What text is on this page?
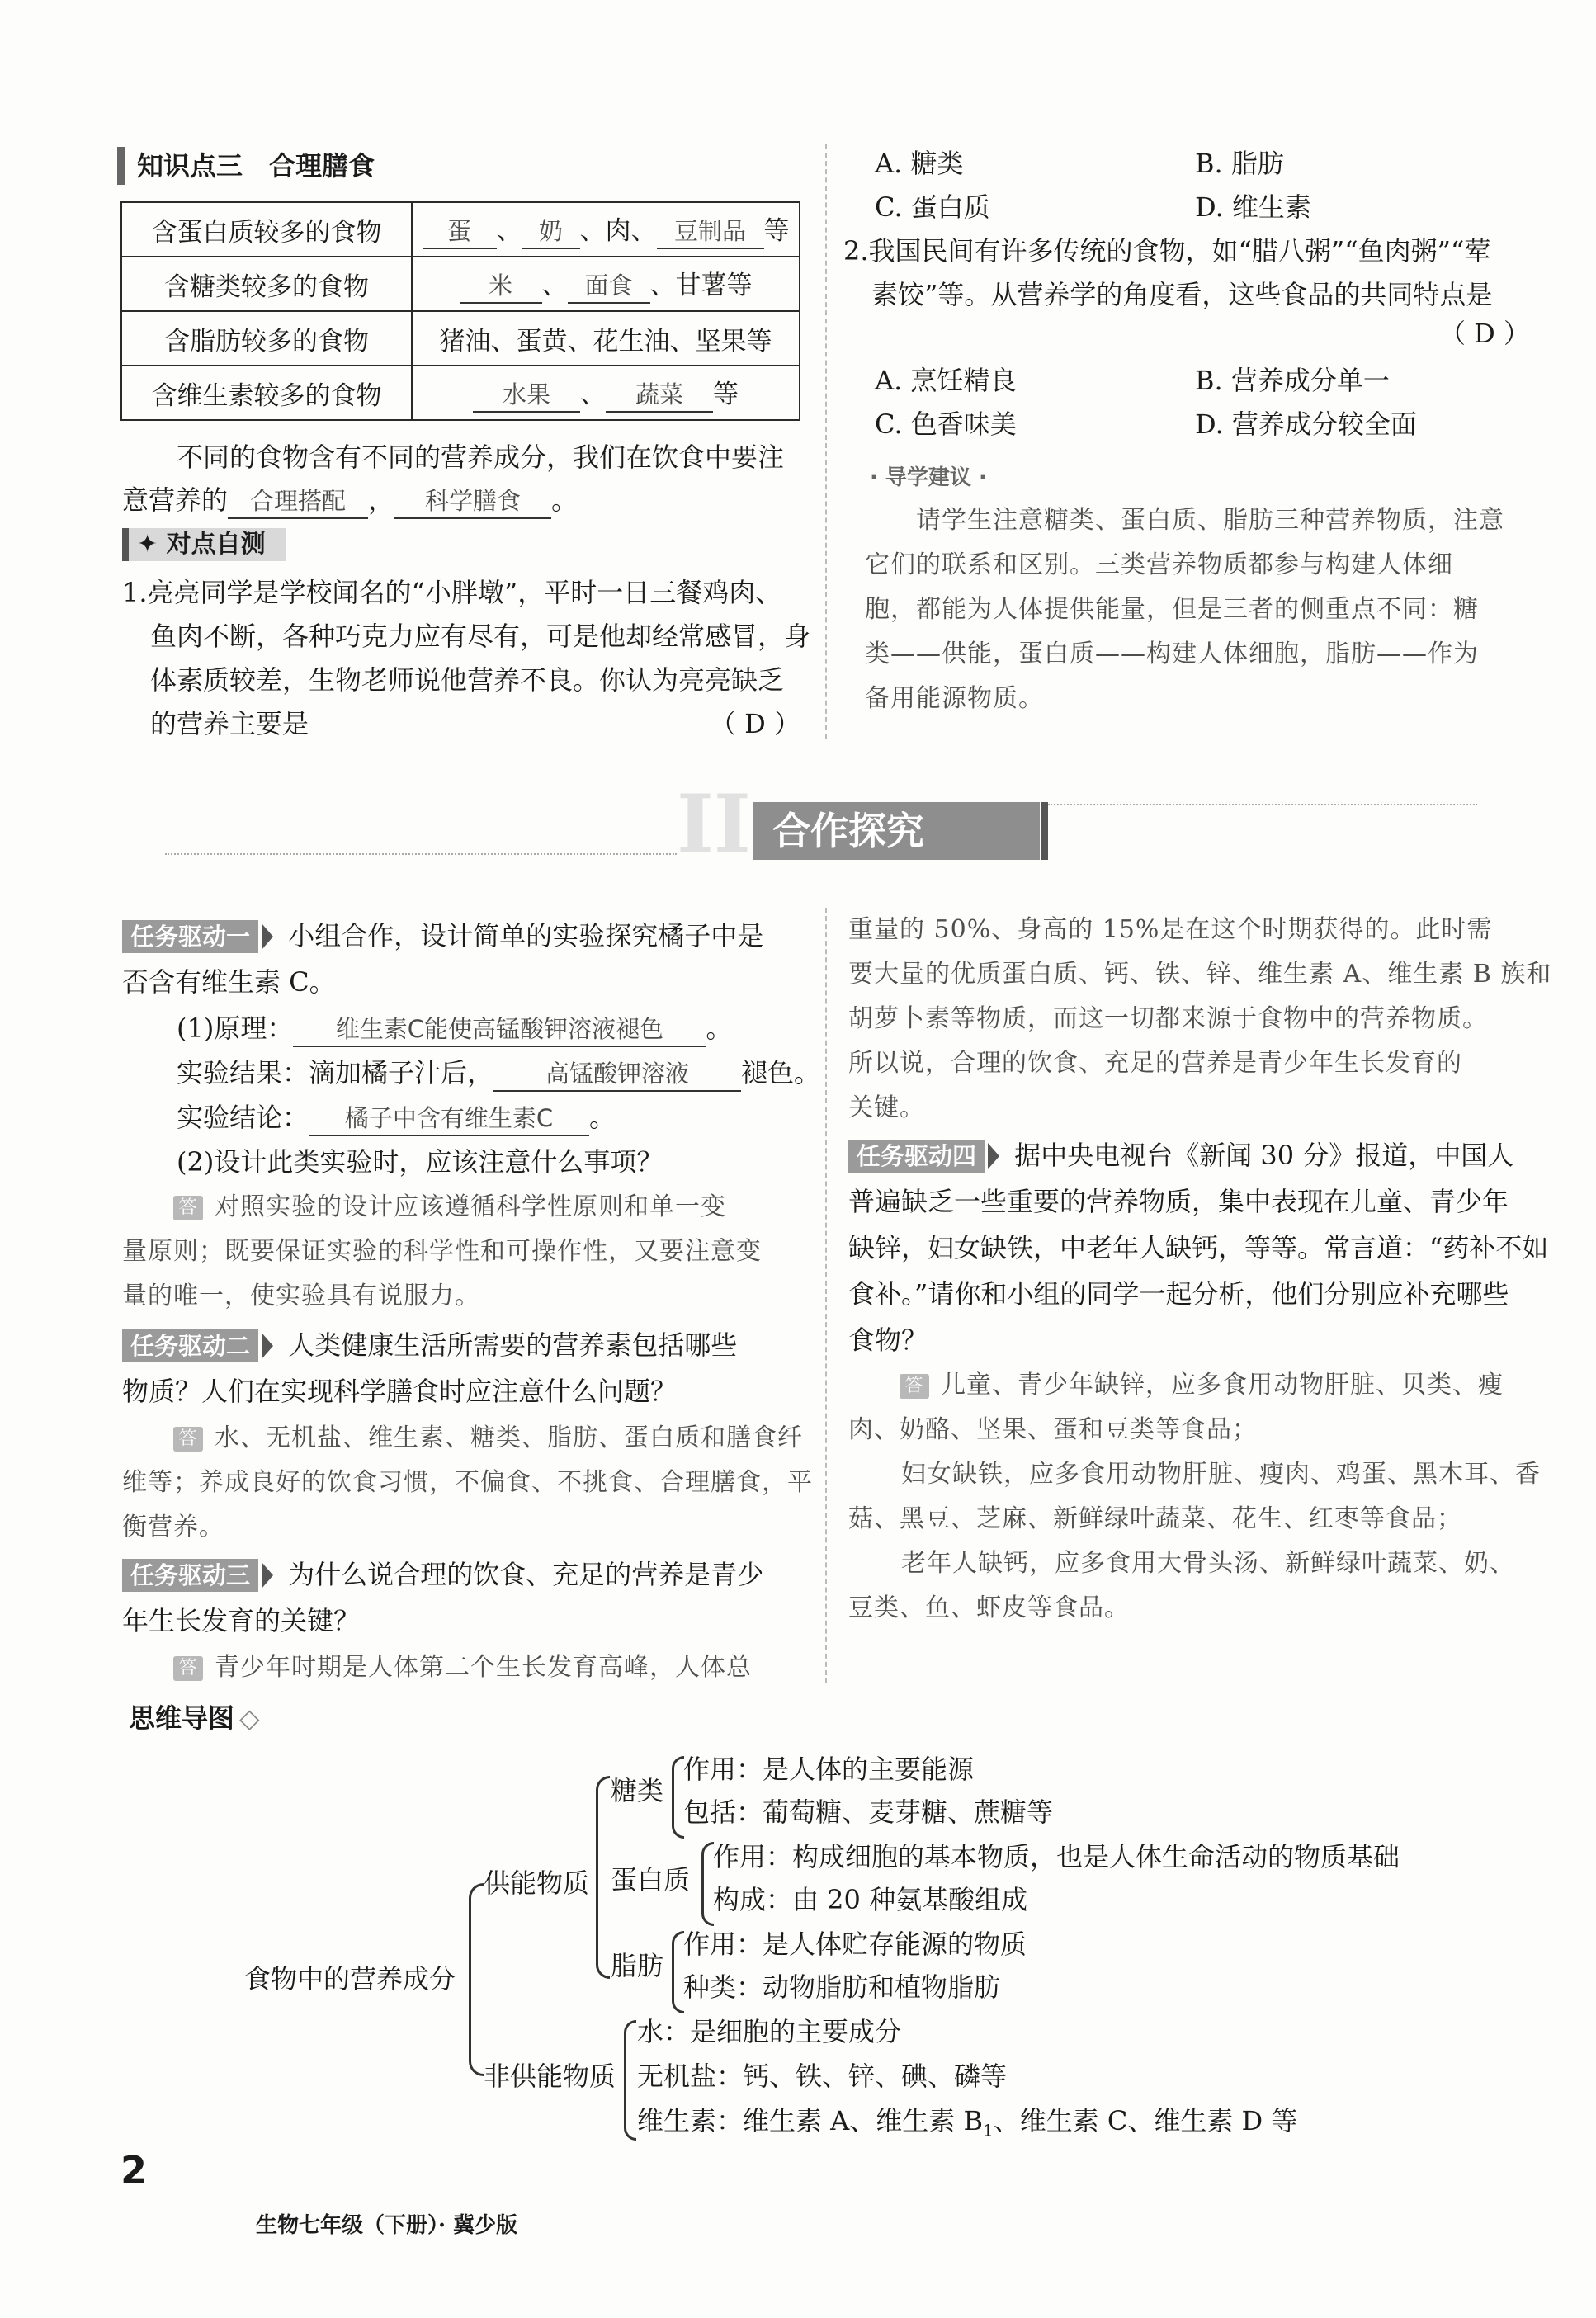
知识点三　合理膳食
含蛋白质较多的食物	蛋 、 奶 、肉、 豆制品 等
含糖类较多的食物	米 、 面食 、甘薯等
含脂肪较多的食物	猪油、蛋黄、花生油、坚果等
含维生素较多的食物	水果 、 蔬菜 等
不同的食物含有不同的营养成分，我们在饮食中要注
意营养的 合理搭配 ， 科学膳食 。
✦ 对点自测
1.亮亮同学是学校闻名的“小胖墩”，平时一日三餐鸡肉、
鱼肉不断，各种巧克力应有尽有，可是他却经常感冒，身
体素质较差，生物老师说他营养不良。你认为亮亮缺乏
的营养主要是	（ D ）
A. 糖类	B. 脂肪
C. 蛋白质	D. 维生素
2.我国民间有许多传统的食物，如“腊八粥”“鱼肉粥”“荤
素饺”等。从营养学的角度看，这些食品的共同特点是
（ D ）
A. 烹饪精良	B. 营养成分单一
C. 色香味美	D. 营养成分较全面
· 导学建议 ·
请学生注意糖类、蛋白质、脂肪三种营养物质，注意
它们的联系和区别。三类营养物质都参与构建人体细
胞，都能为人体提供能量，但是三者的侧重点不同：糖
类——供能，蛋白质——构建人体细胞，脂肪——作为
备用能源物质。
II 合作探究
任务驱动一 小组合作，设计简单的实验探究橘子中是
否含有维生素 C。
(1)原理： 维生素C能使高锰酸钾溶液褪色 。
实验结果：滴加橘子汁后， 高锰酸钾溶液 褪色。
实验结论： 橘子中含有维生素C 。
(2)设计此类实验时，应该注意什么事项？
答 对照实验的设计应该遵循科学性原则和单一变
量原则；既要保证实验的科学性和可操作性，又要注意变
量的唯一，使实验具有说服力。
任务驱动二 人类健康生活所需要的营养素包括哪些
物质？人们在实现科学膳食时应注意什么问题？
答 水、无机盐、维生素、糖类、脂肪、蛋白质和膳食纤
维等；养成良好的饮食习惯，不偏食、不挑食、合理膳食，平
衡营养。
任务驱动三 为什么说合理的饮食、充足的营养是青少
年生长发育的关键？
答 青少年时期是人体第二个生长发育高峰，人体总
重量的 50%、身高的 15%是在这个时期获得的。此时需
要大量的优质蛋白质、钙、铁、锌、维生素 A、维生素 B 族和
胡萝卜素等物质，而这一切都来源于食物中的营养物质。
所以说，合理的饮食、充足的营养是青少年生长发育的
关键。
任务驱动四 据中央电视台《新闻 30 分》报道，中国人
普遍缺乏一些重要的营养物质，集中表现在儿童、青少年
缺锌，妇女缺铁，中老年人缺钙，等等。常言道：“药补不如
食补。”请你和小组的同学一起分析，他们分别应补充哪些
食物？
答 儿童、青少年缺锌，应多食用动物肝脏、贝类、瘦
肉、奶酪、坚果、蛋和豆类等食品；
妇女缺铁，应多食用动物肝脏、瘦肉、鸡蛋、黑木耳、香
菇、黑豆、芝麻、新鲜绿叶蔬菜、花生、红枣等食品；
老年人缺钙，应多食用大骨头汤、新鲜绿叶蔬菜、奶、
豆类、鱼、虾皮等食品。
思维导图 ◇
食物中的营养成分
供能物质
糖类
作用：是人体的主要能源
包括：葡萄糖、麦芽糖、蔗糖等
蛋白质
作用：构成细胞的基本物质，也是人体生命活动的物质基础
构成：由 20 种氨基酸组成
脂肪
作用：是人体贮存能源的物质
种类：动物脂肪和植物脂肪
非供能物质
水：是细胞的主要成分
无机盐：钙、铁、锌、碘、磷等
维生素：维生素 A、维生素 $B_1$、维生素 C、维生素 D 等
2
生物七年级（下册）· 冀少版
